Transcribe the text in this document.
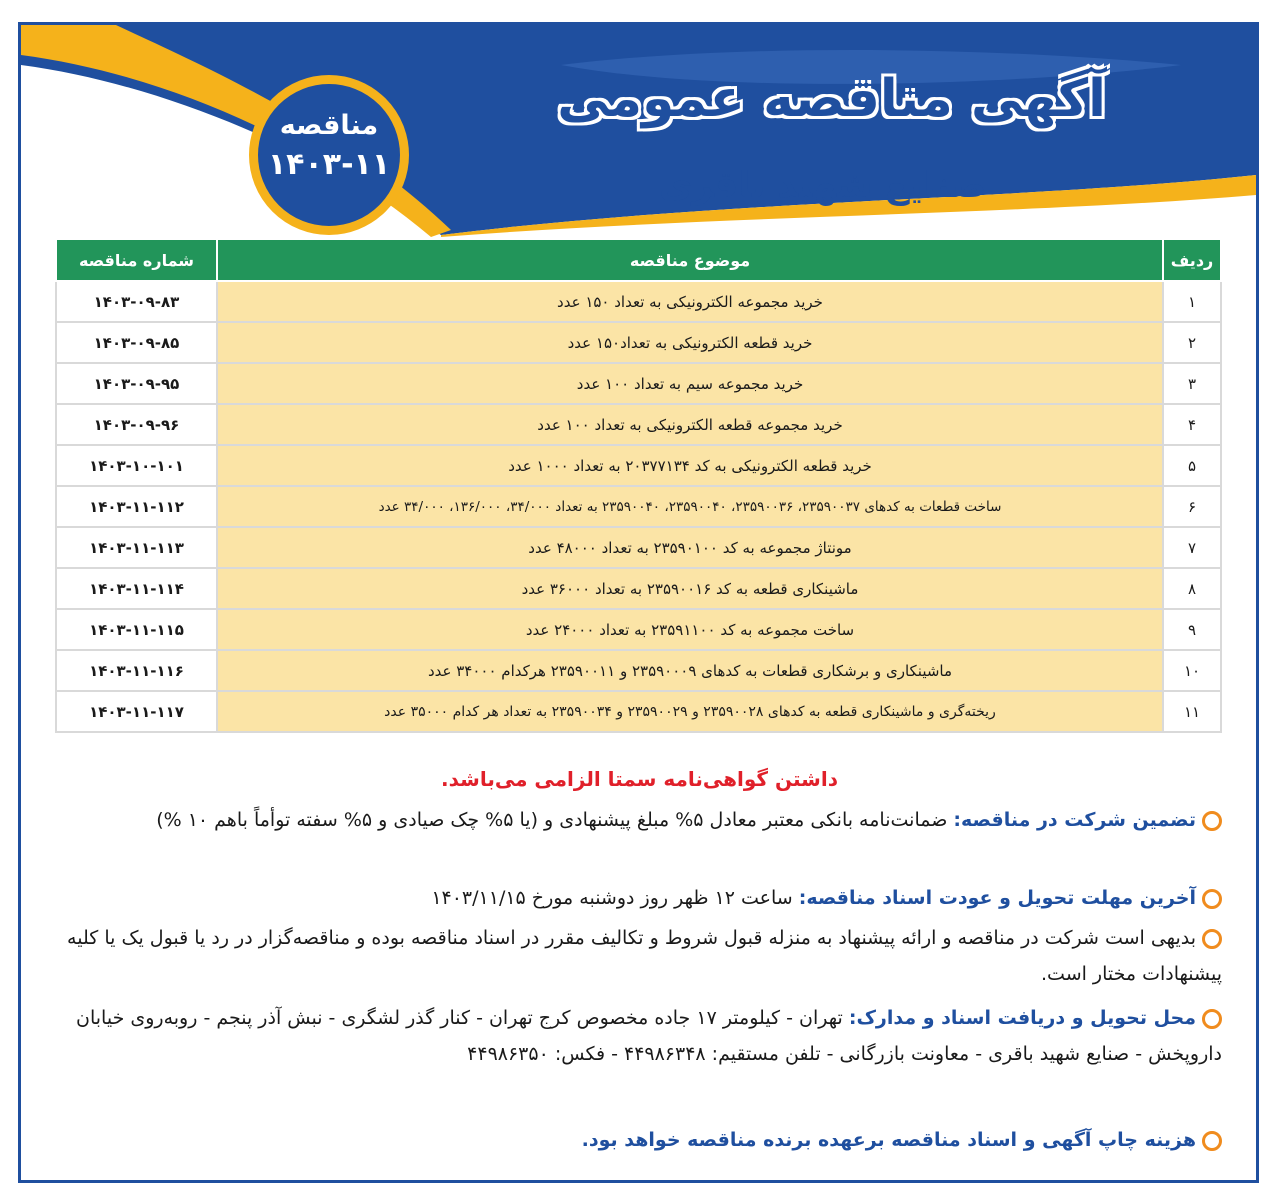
آگهی مناقصه عمومی
صنایع شهید باقری
مناقصه
۱۴۰۳-۱۱
ردیف	موضوع مناقصه	شماره مناقصه
۱	خرید مجموعه الکترونیکی به تعداد ۱۵۰ عدد	۱۴۰۳-۰۹-۸۳
۲	خرید قطعه الکترونیکی به تعداد۱۵۰ عدد	۱۴۰۳-۰۹-۸۵
۳	خرید مجموعه سیم به تعداد ۱۰۰ عدد	۱۴۰۳-۰۹-۹۵
۴	خرید مجموعه قطعه الکترونیکی به تعداد ۱۰۰ عدد	۱۴۰۳-۰۹-۹۶
۵	خرید قطعه الکترونیکی به کد ۲۰۳۷۷۱۳۴ به تعداد ۱۰۰۰ عدد	۱۴۰۳-۱۰-۱۰۱
۶	ساخت قطعات به کدهای ۲۳۵۹۰۰۳۷، ۲۳۵۹۰۰۳۶، ۲۳۵۹۰۰۴۰، ۲۳۵۹۰۰۴۰ به تعداد ۳۴/۰۰۰، ۱۳۶/۰۰۰، ۳۴/۰۰۰ عدد	۱۴۰۳-۱۱-۱۱۲
۷	مونتاژ مجموعه به کد ۲۳۵۹۰۱۰۰ به تعداد ۴۸۰۰۰ عدد	۱۴۰۳-۱۱-۱۱۳
۸	ماشینکاری قطعه به کد ۲۳۵۹۰۰۱۶ به تعداد ۳۶۰۰۰ عدد	۱۴۰۳-۱۱-۱۱۴
۹	ساخت مجموعه به کد ۲۳۵۹۱۱۰۰ به تعداد ۲۴۰۰۰ عدد	۱۴۰۳-۱۱-۱۱۵
۱۰	ماشینکاری و برشکاری قطعات به کدهای ۲۳۵۹۰۰۰۹ و ۲۳۵۹۰۰۱۱ هرکدام ۳۴۰۰۰ عدد	۱۴۰۳-۱۱-۱۱۶
۱۱	ریخته‌گری و ماشینکاری قطعه به کدهای ۲۳۵۹۰۰۲۸ و ۲۳۵۹۰۰۲۹ و ۲۳۵۹۰۰۳۴ به تعداد هر کدام ۳۵۰۰۰ عدد	۱۴۰۳-۱۱-۱۱۷
داشتن گواهی‌نامه سمتا الزامی می‌باشد.
تضمین شرکت در مناقصه: ضمانت‌نامه بانکی معتبر معادل ۵% مبلغ پیشنهادی و (یا ۵% چک صیادی و ۵% سفته توأماً باهم ۱۰ %)
آخرین مهلت تحویل و عودت اسناد مناقصه: ساعت ۱۲ ظهر روز دوشنبه مورخ ۱۴۰۳/۱۱/۱۵
بدیهی است شرکت در مناقصه و ارائه پیشنهاد به منزله قبول شروط و تکالیف مقرر در اسناد مناقصه بوده و مناقصه‌گزار در رد یا قبول یک یا کلیه پیشنهادات مختار است.
محل تحویل و دریافت اسناد و مدارک: تهران - کیلومتر ۱۷ جاده مخصوص کرج تهران - کنار گذر لشگری - نبش آذر پنجم - روبه‌روی خیابان داروپخش - صنایع شهید باقری - معاونت بازرگانی - تلفن مستقیم: ۴۴۹۸۶۳۴۸ - فکس: ۴۴۹۸۶۳۵۰
هزینه چاپ آگهی و اسناد مناقصه برعهده برنده مناقصه خواهد بود.
